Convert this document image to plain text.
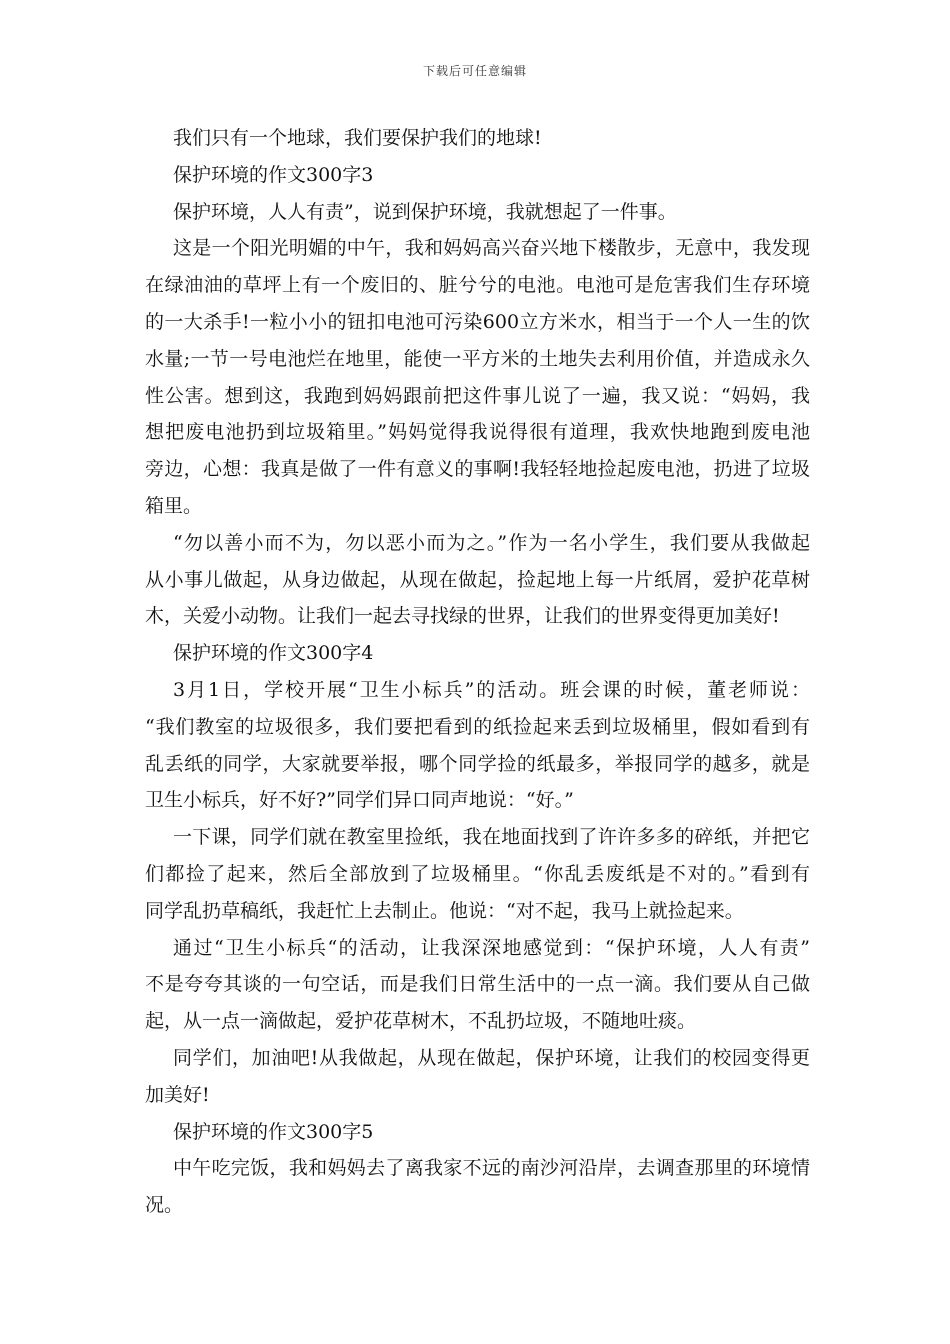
下载后可任意编辑
我们只有一个地球，我们要保护我们的地球!
保护环境的作文300字3
保护环境，人人有责”，说到保护环境，我就想起了一件事。
这是一个阳光明媚的中午，我和妈妈高兴奋兴地下楼散步，无意中，我发现
在绿油油的草坪上有一个废旧的、脏兮兮的电池。电池可是危害我们生存环境
的一大杀手!一粒小小的钮扣电池可污染600立方米水，相当于一个人一生的饮
水量;一节一号电池烂在地里，能使一平方米的土地失去利用价值，并造成永久
性公害。想到这，我跑到妈妈跟前把这件事儿说了一遍，我又说：“妈妈，我
想把废电池扔到垃圾箱里。”妈妈觉得我说得很有道理，我欢快地跑到废电池
旁边，心想：我真是做了一件有意义的事啊!我轻轻地捡起废电池，扔进了垃圾
箱里。
“勿以善小而不为，勿以恶小而为之。”作为一名小学生，我们要从我做起
从小事儿做起，从身边做起，从现在做起，捡起地上每一片纸屑，爱护花草树
木，关爱小动物。让我们一起去寻找绿的世界，让我们的世界变得更加美好!
保护环境的作文300字4
3月1日，学校开展“卫生小标兵”的活动。班会课的时候，董老师说：
“我们教室的垃圾很多，我们要把看到的纸捡起来丢到垃圾桶里，假如看到有
乱丢纸的同学，大家就要举报，哪个同学捡的纸最多，举报同学的越多，就是
卫生小标兵，好不好?”同学们异口同声地说：“好。”
一下课，同学们就在教室里捡纸，我在地面找到了许许多多的碎纸，并把它
们都捡了起来，然后全部放到了垃圾桶里。“你乱丢废纸是不对的。”看到有
同学乱扔草稿纸，我赶忙上去制止。他说：“对不起，我马上就捡起来。
通过“卫生小标兵“的活动，让我深深地感觉到：“保护环境，人人有责”
不是夸夸其谈的一句空话，而是我们日常生活中的一点一滴。我们要从自己做
起，从一点一滴做起，爱护花草树木，不乱扔垃圾，不随地吐痰。
同学们，加油吧!从我做起，从现在做起，保护环境，让我们的校园变得更
加美好!
保护环境的作文300字5
中午吃完饭，我和妈妈去了离我家不远的南沙河沿岸，去调查那里的环境情
况。
